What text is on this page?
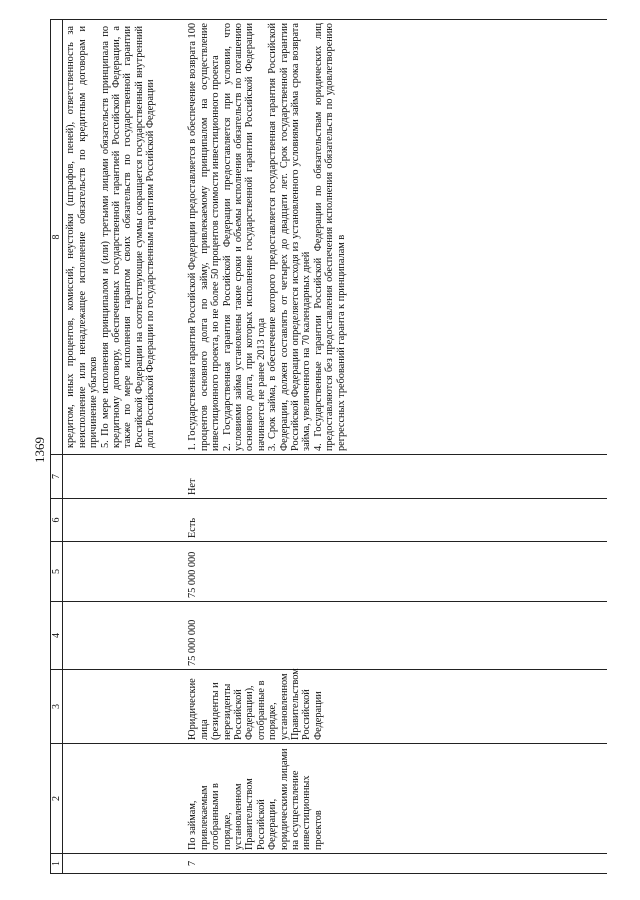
1369
1	2	3	4	5	6	7	8

							кредитом, иных процентов, комиссий, неустойки (штрафов, пеней), ответственность за неисполнение или ненадлежащее исполнение обязательств по кредитным договорам и причинение убытков 5. По мере исполнения принципалом и (или) третьими лицами обязательств принципала по кредитному договору, обеспеченных государственной гарантией Российской Федерации, а также по мере исполнения гарантом своих обязательств по государственной гарантии Российской Федерации на соответствующие суммы сокращается государственный внутренний долг Российской Федерации по государственным гарантиям Российской Федерации

7	По займам, привлекаемым отобранными в порядке, установленном Правительством Российской Федерации, юридическими лицами на осуществление инвестиционных проектов	Юридические лица (резиденты и нерезиденты Российской Федерации), отобранные в порядке, установленном Правительством Российской Федерации	75 000 000	75 000 000	Есть	Нет	1. Государственная гарантия Российской Федерации предоставляется в обеспечение возврата 100 процентов основного долга по займу, привлекаемому принципалом на осуществление инвестиционного проекта, но не более 50 процентов стоимости инвестиционного проекта 2. Государственная гарантия Российской Федерации предоставляется при условии, что условиями займа установлены такие сроки и объемы исполнения обязательств по погашению основного долга, при которых исполнение государственной гарантии Российской Федерации начинается не ранее 2013 года 3. Срок займа, в обеспечение которого предоставляется государственная гарантия Российской Федерации, должен составлять от четырех до двадцати лет. Срок государственной гарантии Российской Федерации определяется исходя из установленного условиями займа срока возврата займа, увеличенного на 70 календарных дней 4. Государственные гарантии Российской Федерации по обязательствам юридических лиц предоставляются без предоставления обеспечения исполнения обязательств по удовлетворению регрессных требований гаранта к принципалам в
